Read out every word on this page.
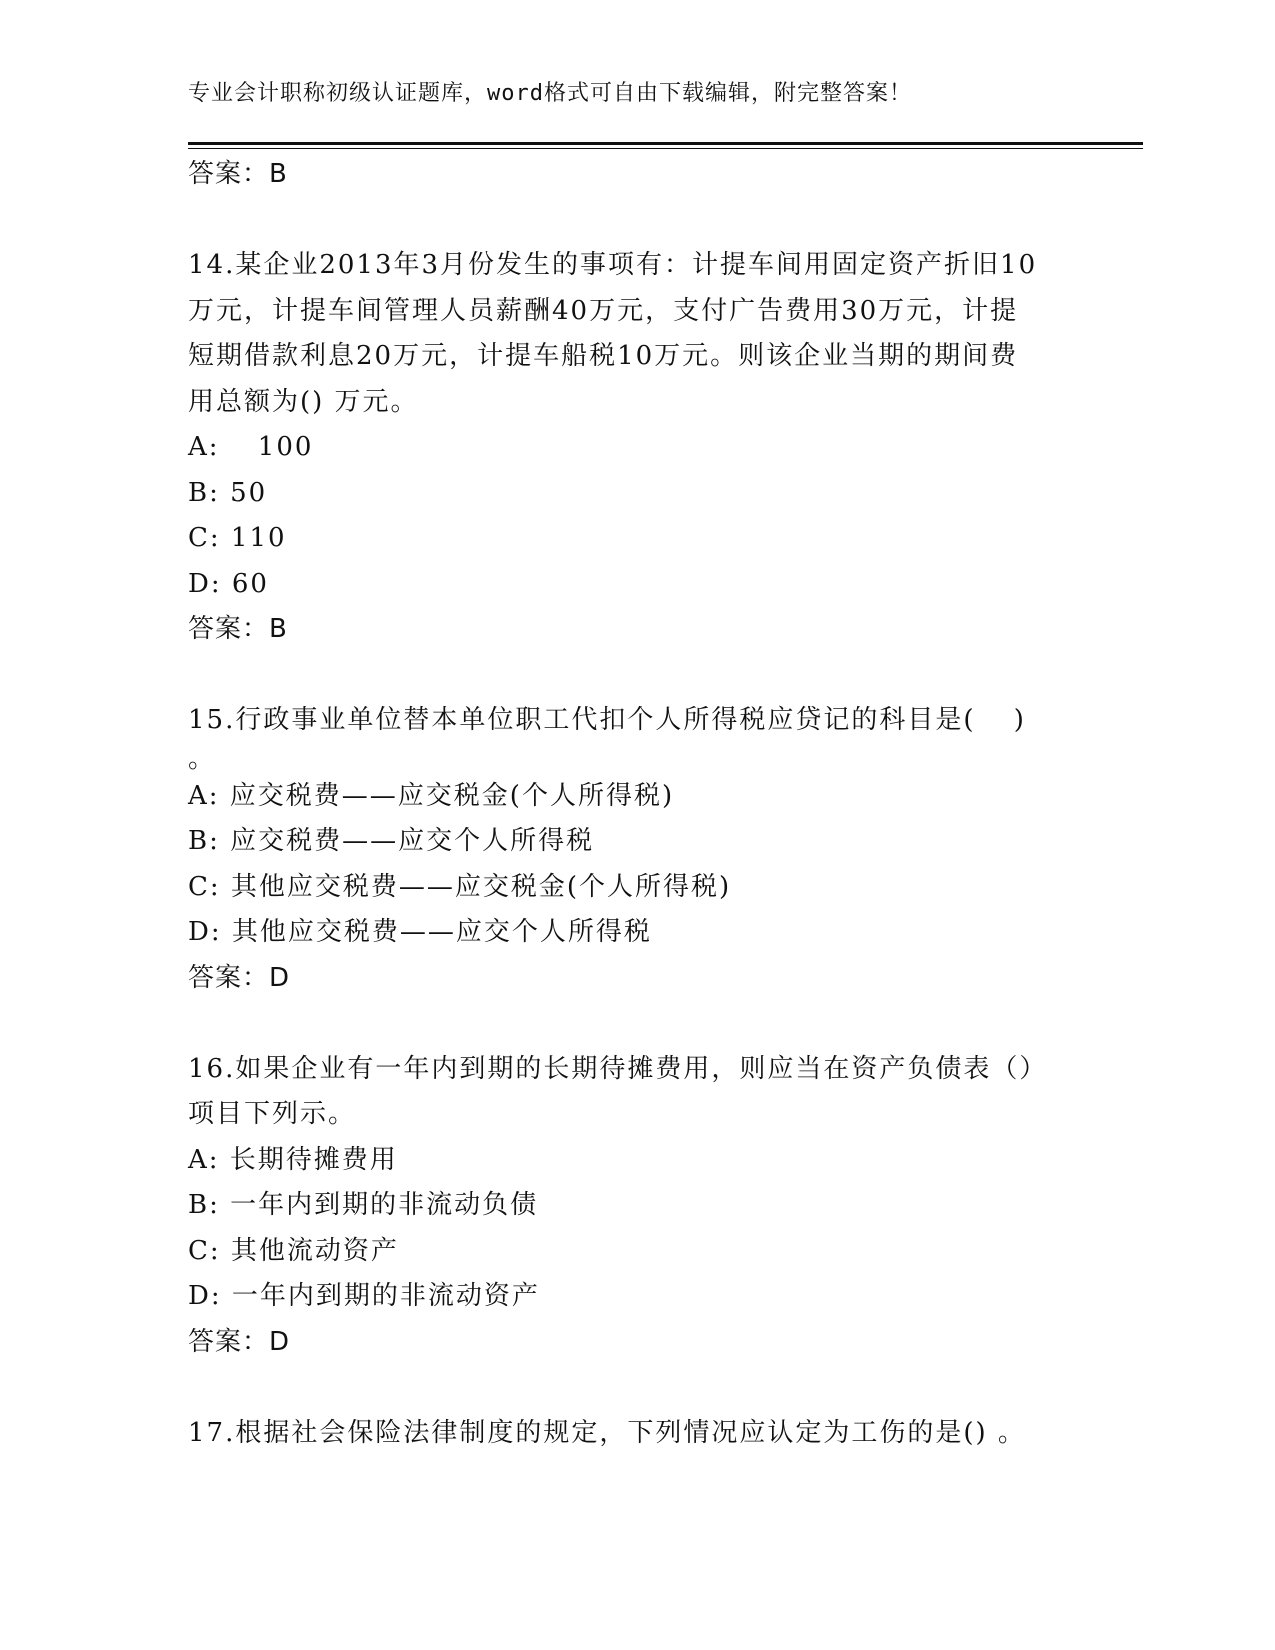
专业会计职称初级认证题库，word格式可自由下载编辑，附完整答案！
答案：B
14.某企业2013年3月份发生的事项有：计提车间用固定资产折旧10
万元，计提车间管理人员薪酬40万元，支付广告费用30万元，计提
短期借款利息20万元，计提车船税10万元。则该企业当期的期间费
用总额为() 万元。
A:　 100
B: 50
C: 110
D: 60
答案：B
15.行政事业单位替本单位职工代扣个人所得税应贷记的科目是(　 )
。
A: 应交税费——应交税金(个人所得税)
B: 应交税费——应交个人所得税
C: 其他应交税费——应交税金(个人所得税)
D: 其他应交税费——应交个人所得税
答案：D
16.如果企业有一年内到期的长期待摊费用，则应当在资产负债表（）
项目下列示。
A: 长期待摊费用
B: 一年内到期的非流动负债
C: 其他流动资产
D: 一年内到期的非流动资产
答案：D
17.根据社会保险法律制度的规定，下列情况应认定为工伤的是() 。
